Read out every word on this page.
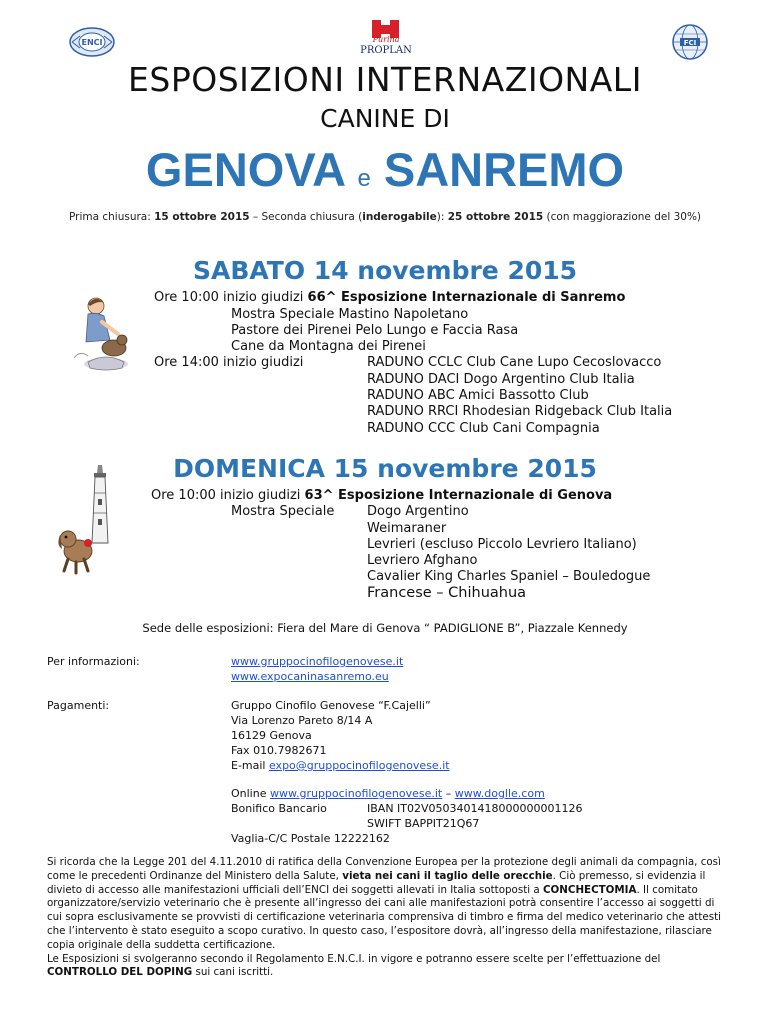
ENCI	Purina
PROPLAN
FCI
ESPOSIZIONI INTERNAZIONALI
CANINE DI
GENOVA e SANREMO
Prima chiusura: 15 ottobre 2015 – Seconda chiusura (inderogabile): 25 ottobre 2015 (con maggiorazione del 30%)
SABATO 14 novembre 2015
Ore 10:00 inizio giudizi 66^ Esposizione Internazionale di Sanremo
Mostra Speciale Mastino Napoletano
Pastore dei Pirenei Pelo Lungo e Faccia Rasa
Cane da Montagna dei Pirenei
Ore 14:00 inizio giudizi	RADUNO CCLC Club Cane Lupo Cecoslovacco
RADUNO DACI Dogo Argentino Club Italia
RADUNO ABC Amici Bassotto Club
RADUNO RRCI Rhodesian Ridgeback Club Italia
RADUNO CCC Club Cani Compagnia
DOMENICA 15 novembre 2015
Ore 10:00 inizio giudizi 63^ Esposizione Internazionale di Genova
Mostra Speciale	Dogo Argentino
Weimaraner
Levrieri (escluso Piccolo Levriero Italiano)
Levriero Afghano
Cavalier King Charles Spaniel – Bouledogue
Francese – Chihuahua
Sede delle esposizioni: Fiera del Mare di Genova “ PADIGLIONE B”, Piazzale Kennedy
Per informazioni:	www.gruppocinofilogenovese.it
www.expocaninasanremo.eu
Pagamenti:	Gruppo Cinofilo Genovese “F.Cajelli”
Via Lorenzo Pareto 8/14 A
16129 Genova
Fax 010.7982671
E-mail expo@gruppocinofilogenovese.it
Online www.gruppocinofilogenovese.it – www.doglle.com
Bonifico Bancario	IBAN IT02V0503401418000000001126
SWIFT BAPPIT21Q67
Vaglia-C/C Postale 12222162

Si ricorda che la Legge 201 del 4.11.2010 di ratifica della Convenzione Europea per la protezione degli animali da compagnia, così come le precedenti Ordinanze del Ministero della Salute, vieta nei cani il taglio delle orecchie. Ciò premesso, si evidenzia il divieto di accesso alle manifestazioni ufficiali dell’ENCI dei soggetti allevati in Italia sottoposti a CONCHECTOMIA. Il comitato organizzatore/servizio veterinario che è presente all’ingresso dei cani alle manifestazioni potrà consentire l’accesso ai soggetti di cui sopra esclusivamente se provvisti di certificazione veterinaria comprensiva di timbro e firma del medico veterinario che attesti che l’intervento è stato eseguito a scopo curativo. In questo caso, l’espositore dovrà, all’ingresso della manifestazione, rilasciare copia originale della suddetta certificazione.

Le Esposizioni si svolgeranno secondo il Regolamento E.N.C.I. in vigore e potranno essere scelte per l’effettuazione del CONTROLLO DEL DOPING sui cani iscritti.
